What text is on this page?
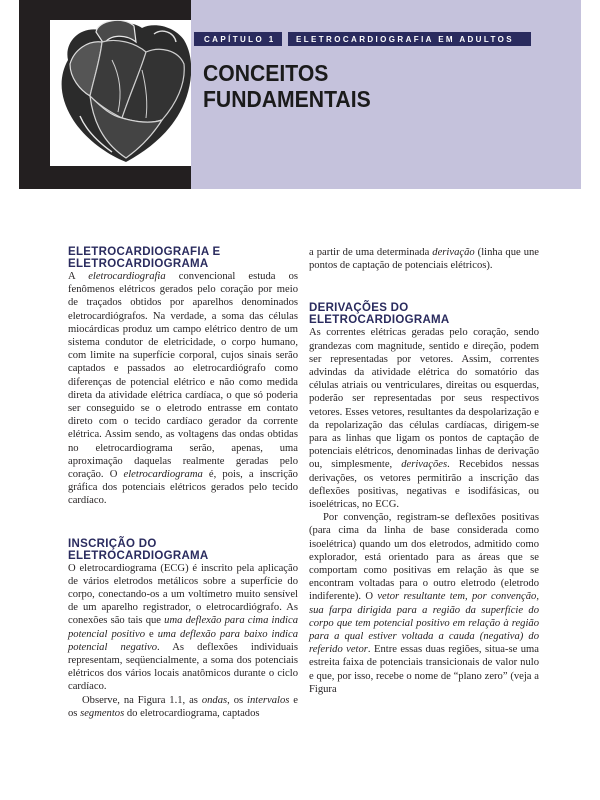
CAPÍTULO 1	ELETROCARDIOGRAFIA EM ADULTOS
CONCEITOS
FUNDAMENTAIS
ELETROCARDIOGRAFIA E ELETROCARDIOGRAMA

A eletrocardiografia convencional estuda os fenômenos elétricos gerados pelo coração por meio de traçados obtidos por aparelhos denominados eletrocardiógrafos. Na verdade, a soma das células miocárdicas produz um campo elétrico dentro de um sistema condutor de eletricidade, o corpo humano, com limite na superfície corporal, cujos sinais serão captados e passados ao eletrocardiógrafo como diferenças de potencial elétrico e não como medida direta da atividade elétrica cardíaca, o que só poderia ser conseguido se o eletrodo entrasse em contato direto com o tecido cardíaco gerador da corrente elétrica. Assim sendo, as voltagens das ondas obtidas no eletrocardiograma serão, apenas, uma aproximação daquelas realmente geradas pelo coração. O eletrocardiograma é, pois, a inscrição gráfica dos potenciais elétricos gerados pelo tecido cardíaco.

INSCRIÇÃO DO ELETROCARDIOGRAMA

O eletrocardiograma (ECG) é inscrito pela aplicação de vários eletrodos metálicos sobre a superfície do corpo, conectando-os a um voltímetro muito sensível de um aparelho registrador, o eletrocardiógrafo. As conexões são tais que uma deflexão para cima indica potencial positivo e uma deflexão para baixo indica potencial negativo. As deflexões individuais representam, seqüencialmente, a soma dos potenciais elétricos dos vários locais anatômicos durante o ciclo cardíaco.

Observe, na Figura 1.1, as ondas, os intervalos e os segmentos do eletrocardiograma, captados

a partir de uma determinada derivação (linha que une pontos de captação de potenciais elétricos).

DERIVAÇÕES DO ELETROCARDIOGRAMA

As correntes elétricas geradas pelo coração, sendo grandezas com magnitude, sentido e direção, podem ser representadas por vetores. Assim, correntes advindas da atividade elétrica do somatório das células atriais ou ventriculares, direitas ou esquerdas, poderão ser representadas por seus respectivos vetores. Esses vetores, resultantes da despolarização e da repolarização das células cardíacas, dirigem-se para as linhas que ligam os pontos de captação de potenciais elétricos, denominadas linhas de derivação ou, simplesmente, derivações. Recebidos nessas derivações, os vetores permitirão a inscrição das deflexões positivas, negativas e isodifásicas, ou isoelétricas, no ECG.

Por convenção, registram-se deflexões positivas (para cima da linha de base considerada como isoelétrica) quando um dos eletrodos, admitido como explorador, está orientado para as áreas que se comportam como positivas em relação às que se encontram voltadas para o outro eletrodo (eletrodo indiferente). O vetor resultante tem, por convenção, sua farpa dirigida para a região da superfície do corpo que tem potencial positivo em relação à região para a qual estiver voltada a cauda (negativa) do referido vetor. Entre essas duas regiões, situa-se uma estreita faixa de potenciais transicionais de valor nulo e que, por isso, recebe o nome de “plano zero” (veja a Figura
